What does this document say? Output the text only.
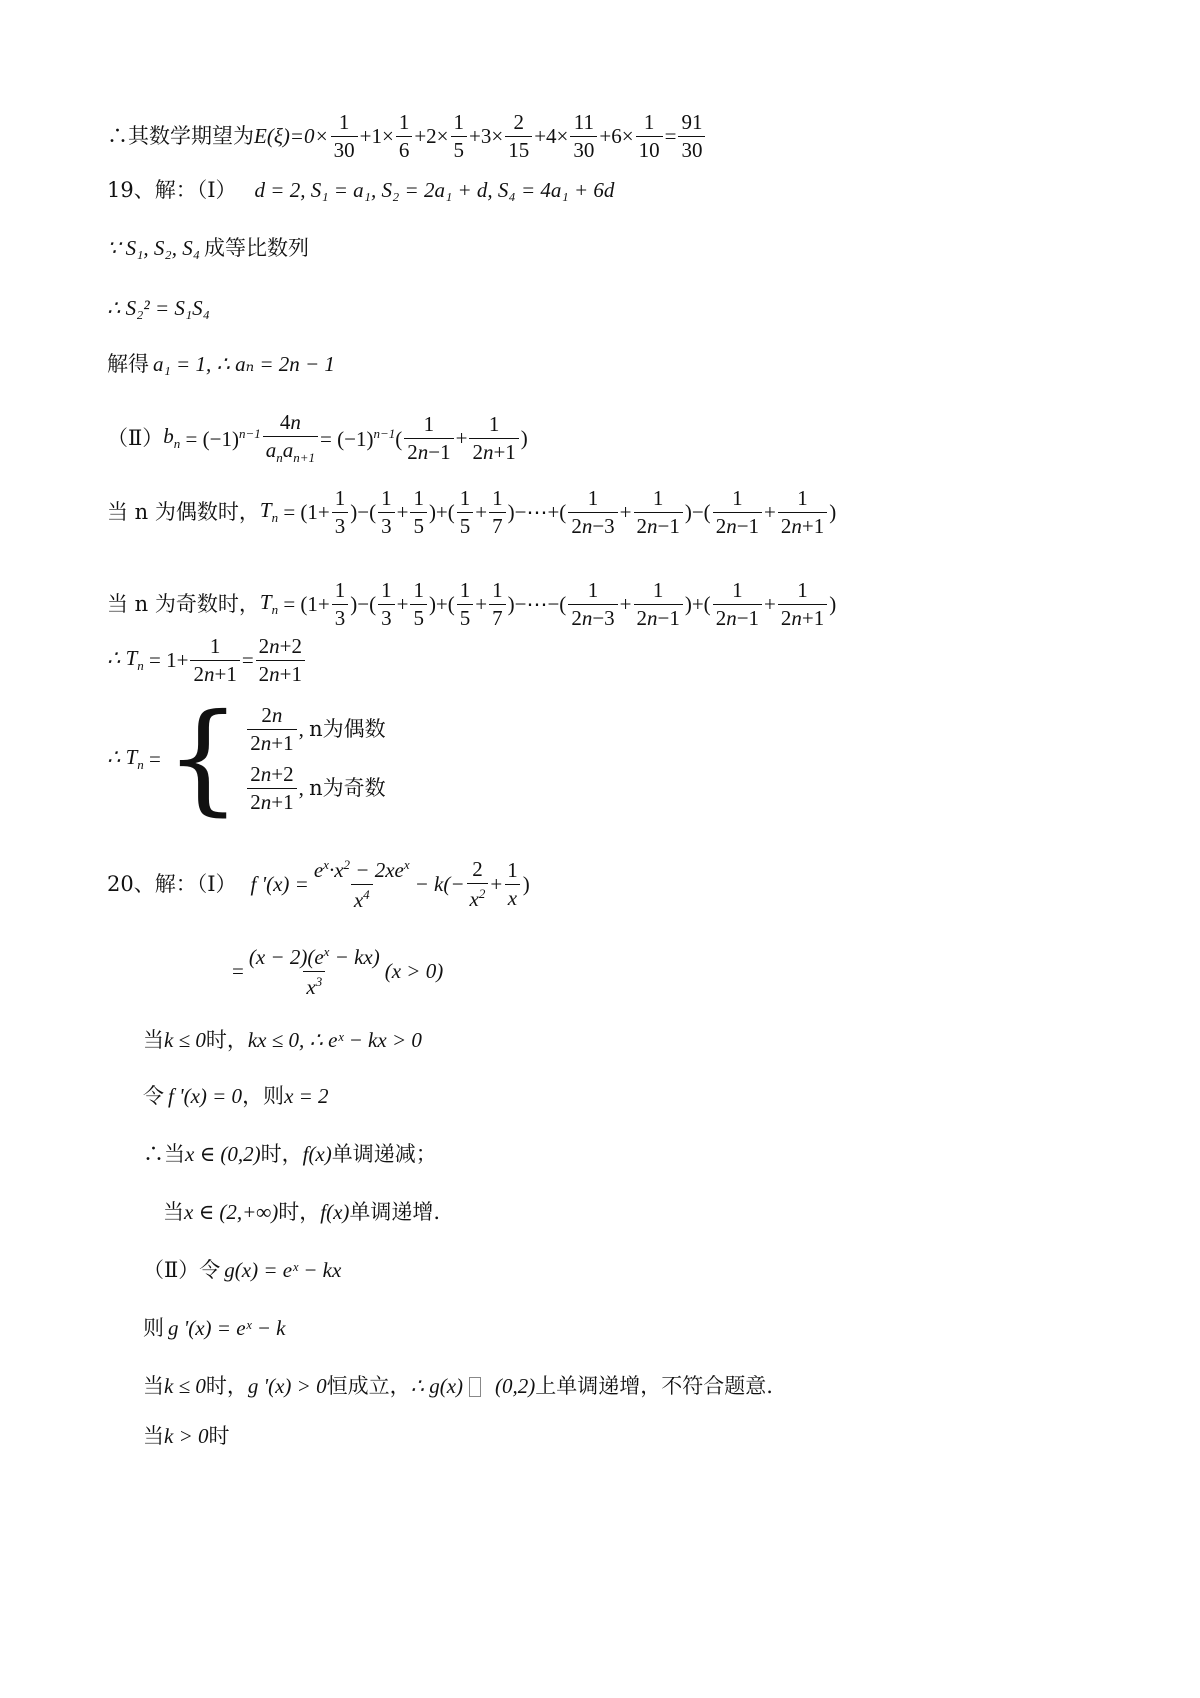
∴其数学期望为 $E(\xi)=0\times \frac{1}{30} +1\times \frac{1}{6} +2\times \frac{1}{5} +3\times \frac{2}{15} +4\times \frac{11}{30} +6\times \frac{1}{10} = \frac{91}{30}$
19、解：（Ⅰ） d = 2, S₁ = a₁, S₂ = 2a₁ + d, S₄ = 4a₁ + 6d
∵ S₁, S₂, S₄ 成等比数列
∴ S₂² = S₁S₄
解得 a₁ = 1, ∴ aₙ = 2n − 1
（Ⅱ） $b_n = (-1)^{n-1} \frac{4n}{a_na_{n+1}} = (-1)^{n-1}( \frac{1}{2n-1} + \frac{1}{2n+1}$ )
当 n 为偶数时， $T_n = (1+ \frac{1}{3}$ )−( $\frac{1}{3} + \frac{1}{5}$ )+( $\frac{1}{5} + \frac{1}{7}$ )−⋯+( $\frac{1}{2n-3} + \frac{1}{2n-1}$ )−( $\frac{1}{2n-1} + \frac{1}{2n+1}$ )
当 n 为奇数时， $T_n = (1+ \frac{1}{3}$ )−( $\frac{1}{3} + \frac{1}{5}$ )+( $\frac{1}{5} + \frac{1}{7}$ )−⋯−( $\frac{1}{2n-3} + \frac{1}{2n-1}$ )+( $\frac{1}{2n-1} + \frac{1}{2n+1}$ )
∴ $T_n = 1+ \frac{1}{2n+1} = \frac{2n+2}{2n+1}$
∴ $T_n$ = { $\frac{2n}{2n+1}$ ,
n为偶数
$\frac{2n+2}{2n+1}$ ,
n为奇数
20、解：（Ⅰ） f '$(x) = \frac{e^x\cdot x^2 - 2xe^x}{x^4} - k(- \frac{2}{x^2} + \frac{1}{x}$ )
= $\frac{(x - 2)(e^x - kx)}{x^3} (x > 0)$
当 k ≤ 0 时， kx ≤ 0, ∴ eˣ − kx > 0
令 f '(x) = 0 ，则 x = 2
∴当 x ∈ (0,2) 时， f(x) 单调递减；
当 x ∈ (2,+∞) 时， f(x) 单调递增.
（Ⅱ）令 g(x) = eˣ − kx
则 g '(x) = eˣ − k
当 k ≤ 0 时， g '(x) > 0 恒成立， ∴ g(x) (0,2) 上单调递增，不符合题意.
当 k > 0 时
